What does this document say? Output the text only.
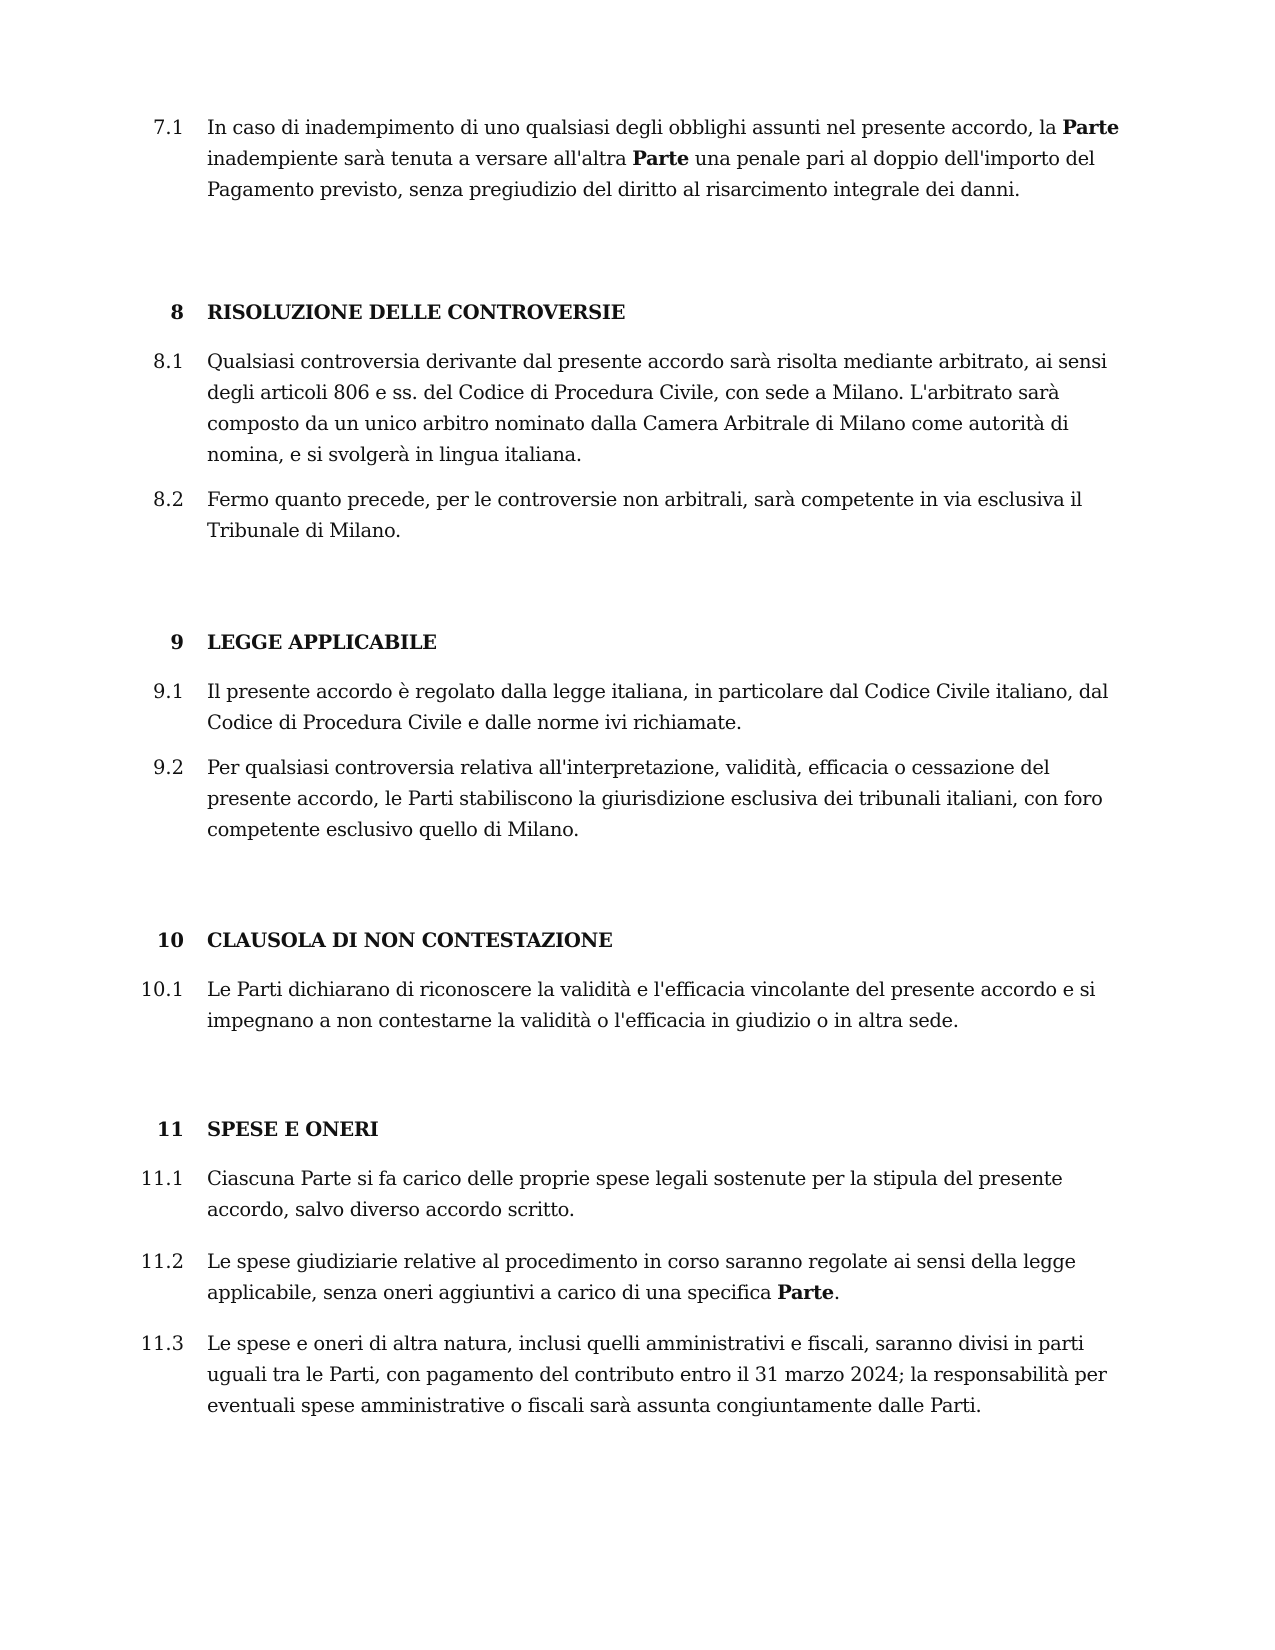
7.1 In caso di inadempimento di uno qualsiasi degli obblighi assunti nel presente accordo, la Parte inadempiente sarà tenuta a versare all'altra Parte una penale pari al doppio dell'importo del Pagamento previsto, senza pregiudizio del diritto al risarcimento integrale dei danni.
8 RISOLUZIONE DELLE CONTROVERSIE
8.1 Qualsiasi controversia derivante dal presente accordo sarà risolta mediante arbitrato, ai sensi degli articoli 806 e ss. del Codice di Procedura Civile, con sede a Milano. L'arbitrato sarà composto da un unico arbitro nominato dalla Camera Arbitrale di Milano come autorità di nomina, e si svolgerà in lingua italiana.
8.2 Fermo quanto precede, per le controversie non arbitrali, sarà competente in via esclusiva il Tribunale di Milano.
9 LEGGE APPLICABILE
9.1 Il presente accordo è regolato dalla legge italiana, in particolare dal Codice Civile italiano, dal Codice di Procedura Civile e dalle norme ivi richiamate.
9.2 Per qualsiasi controversia relativa all'interpretazione, validità, efficacia o cessazione del presente accordo, le Parti stabiliscono la giurisdizione esclusiva dei tribunali italiani, con foro competente esclusivo quello di Milano.
10 CLAUSOLA DI NON CONTESTAZIONE
10.1 Le Parti dichiarano di riconoscere la validità e l'efficacia vincolante del presente accordo e si impegnano a non contestarne la validità o l'efficacia in giudizio o in altra sede.
11 SPESE E ONERI
11.1 Ciascuna Parte si fa carico delle proprie spese legali sostenute per la stipula del presente accordo, salvo diverso accordo scritto.
11.2 Le spese giudiziarie relative al procedimento in corso saranno regolate ai sensi della legge applicabile, senza oneri aggiuntivi a carico di una specifica Parte.
11.3 Le spese e oneri di altra natura, inclusi quelli amministrativi e fiscali, saranno divisi in parti uguali tra le Parti, con pagamento del contributo entro il 31 marzo 2024; la responsabilità per eventuali spese amministrative o fiscali sarà assunta congiuntamente dalle Parti.
